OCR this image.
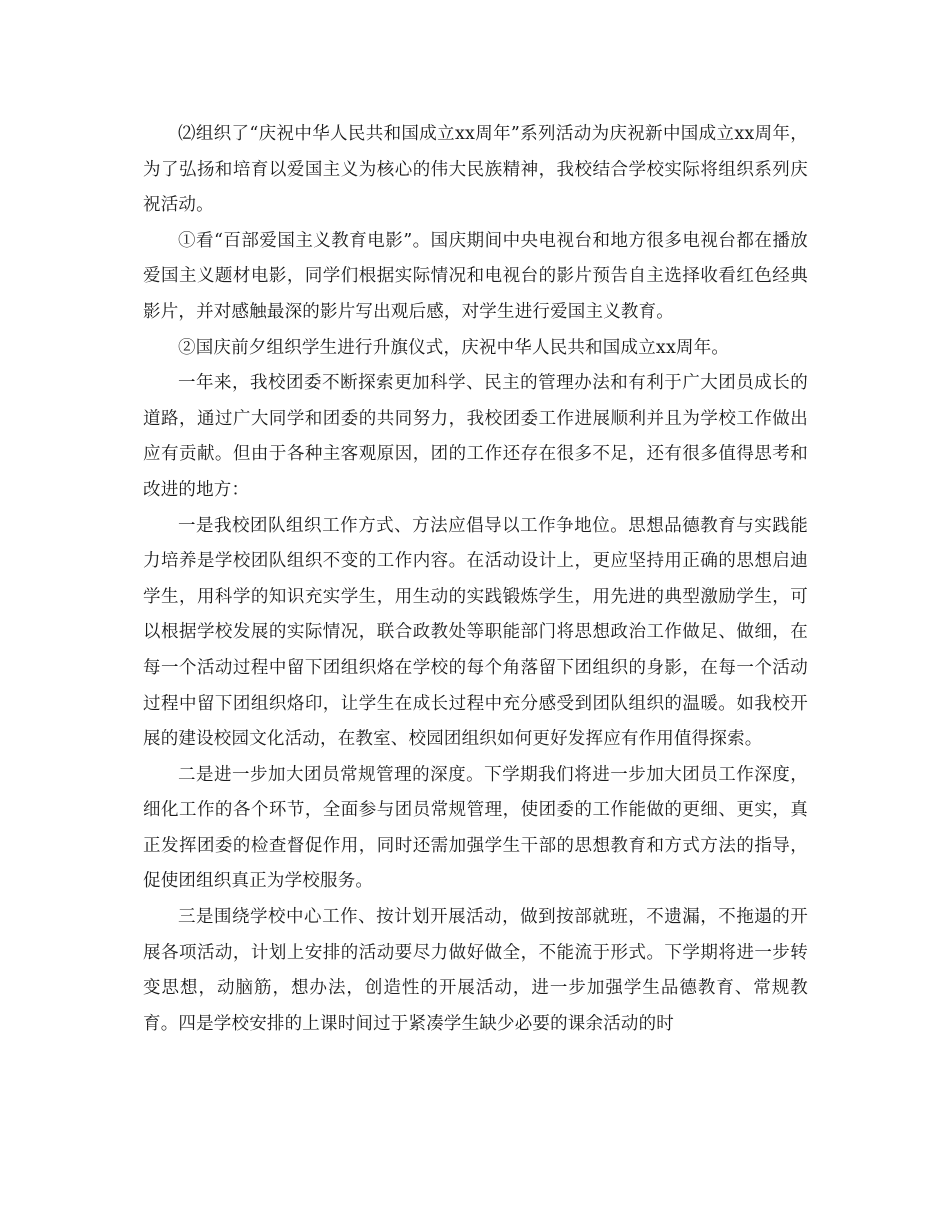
⑵组织了“庆祝中华人民共和国成立xx周年”系列活动为庆祝新中国成立xx周年，为了弘扬和培育以爱国主义为核心的伟大民族精神，我校结合学校实际将组织系列庆祝活动。

①看“百部爱国主义教育电影”。国庆期间中央电视台和地方很多电视台都在播放爱国主义题材电影，同学们根据实际情况和电视台的影片预告自主选择收看红色经典影片，并对感触最深的影片写出观后感，对学生进行爱国主义教育。

②国庆前夕组织学生进行升旗仪式，庆祝中华人民共和国成立xx周年。

一年来，我校团委不断探索更加科学、民主的管理办法和有利于广大团员成长的道路，通过广大同学和团委的共同努力，我校团委工作进展顺利并且为学校工作做出应有贡献。但由于各种主客观原因，团的工作还存在很多不足，还有很多值得思考和改进的地方：

一是我校团队组织工作方式、方法应倡导以工作争地位。思想品德教育与实践能力培养是学校团队组织不变的工作内容。在活动设计上，更应坚持用正确的思想启迪学生，用科学的知识充实学生，用生动的实践锻炼学生，用先进的典型激励学生，可以根据学校发展的实际情况，联合政教处等职能部门将思想政治工作做足、做细，在每一个活动过程中留下团组织烙在学校的每个角落留下团组织的身影，在每一个活动过程中留下团组织烙印，让学生在成长过程中充分感受到团队组织的温暖。如我校开展的建设校园文化活动，在教室、校园团组织如何更好发挥应有作用值得探索。

二是进一步加大团员常规管理的深度。下学期我们将进一步加大团员工作深度，细化工作的各个环节，全面参与团员常规管理，使团委的工作能做的更细、更实，真正发挥团委的检查督促作用，同时还需加强学生干部的思想教育和方式方法的指导，促使团组织真正为学校服务。

三是围绕学校中心工作、按计划开展活动，做到按部就班，不遗漏，不拖遢的开展各项活动，计划上安排的活动要尽力做好做全，不能流于形式。下学期将进一步转变思想，动脑筋，想办法，创造性的开展活动，进一步加强学生品德教育、常规教育。四是学校安排的上课时间过于紧凑学生缺少必要的课余活动的时
